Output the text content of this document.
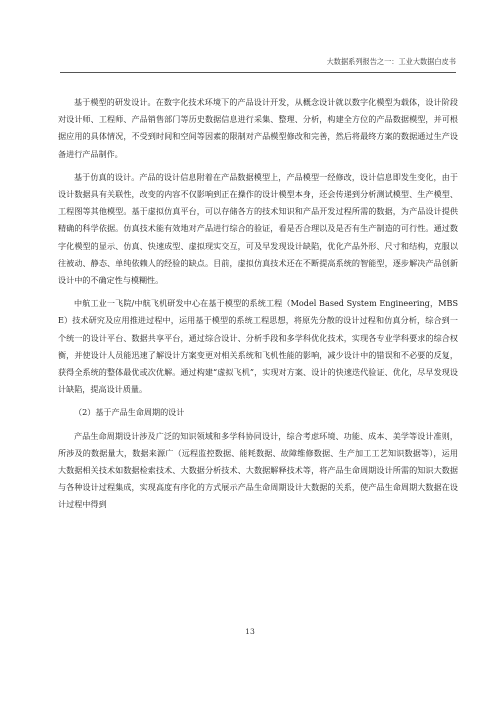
大数据系列报告之一：工业大数据白皮书

基于模型的研发设计。在数字化技术环境下的产品设计开发，从概念设计就以数字化模型为载体，设计阶段对设计师、工程师、产品销售部门等历史数据信息进行采集、整理、分析，构建全方位的产品数据模型，并可根据应用的具体情况，不受到时间和空间等因素的限制对产品模型修改和完善，然后将最终方案的数据通过生产设备进行产品制作。

基于仿真的设计。产品的设计信息附着在产品数据模型上，产品模型一经修改，设计信息即发生变化，由于设计数据具有关联性，改变的内容不仅影响到正在操作的设计模型本身，还会传递到分析测试模型、生产模型、工程图等其他模型。基于虚拟仿真平台，可以存储各方的技术知识和产品开发过程所需的数据，为产品设计提供精确的科学依据。仿真技术能有效地对产品进行综合的验证，看是否合理以及是否有生产制造的可行性。通过数字化模型的显示、仿真、快速成型、虚拟现实交互，可及早发现设计缺陷，优化产品外形、尺寸和结构，克服以往被动、静态、单纯依赖人的经验的缺点。目前，虚拟仿真技术还在不断提高系统的智能型，逐步解决产品创新设计中的不确定性与模糊性。

中航工业一飞院/中航飞机研发中心在基于模型的系统工程（Model Based System Engineering，MBSE）技术研究及应用推进过程中，运用基于模型的系统工程思想，将原先分散的设计过程和仿真分析，综合到一个统一的设计平台、数据共享平台，通过综合设计、分析手段和多学科优化技术，实现各专业学科要求的综合权衡，并使设计人员能迅速了解设计方案变更对相关系统和飞机性能的影响，减少设计中的错误和不必要的反复，获得全系统的整体最优或次优解。通过构建“虚拟飞机”，实现对方案、设计的快速迭代验证、优化，尽早发现设计缺陷，提高设计质量。

（2）基于产品生命周期的设计

产品生命周期设计涉及广泛的知识领域和多学科协同设计，综合考虑环境、功能、成本、美学等设计准则，所涉及的数据量大，数据来源广（远程监控数据、能耗数据、故障维修数据、生产加工工艺知识数据等），运用大数据相关技术如数据检索技术、大数据分析技术、大数据解释技术等，将产品生命周期设计所需的知识大数据与各种设计过程集成，实现高度有序化的方式展示产品生命周期设计大数据的关系，使产品生命周期大数据在设计过程中得到

13
